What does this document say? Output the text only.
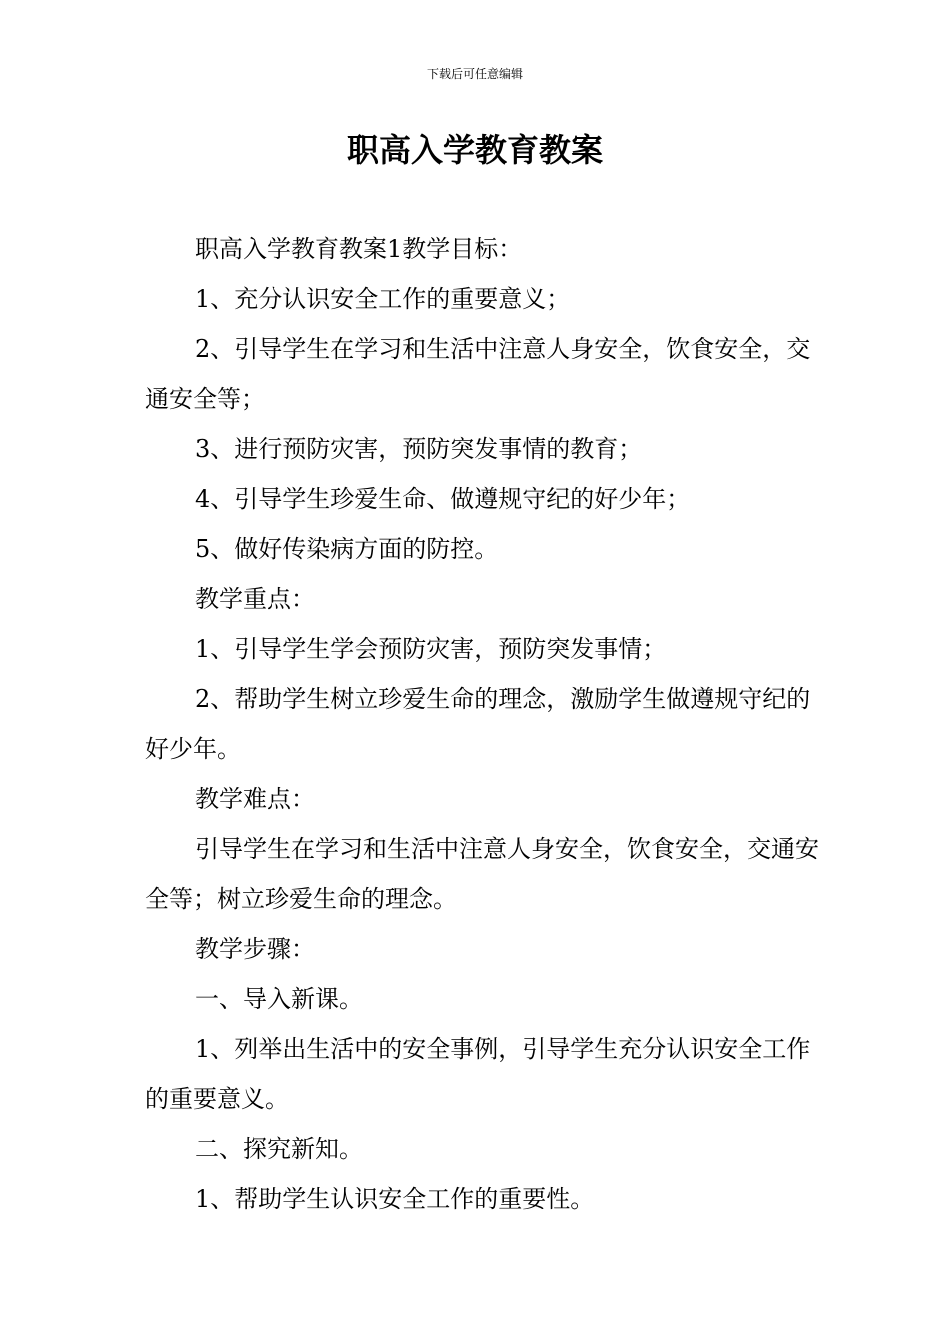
下载后可任意编辑
职高入学教育教案

职高入学教育教案1教学目标：

1、充分认识安全工作的重要意义；

2、引导学生在学习和生活中注意人身安全，饮食安全，交通安全等；

3、进行预防灾害，预防突发事情的教育；

4、引导学生珍爱生命、做遵规守纪的好少年；

5、做好传染病方面的防控。

教学重点：

1、引导学生学会预防灾害，预防突发事情；

2、帮助学生树立珍爱生命的理念，激励学生做遵规守纪的好少年。

教学难点：

引导学生在学习和生活中注意人身安全，饮食安全，交通安全等；树立珍爱生命的理念。

教学步骤：

一、导入新课。

1、列举出生活中的安全事例，引导学生充分认识安全工作的重要意义。

二、探究新知。

1、帮助学生认识安全工作的重要性。
